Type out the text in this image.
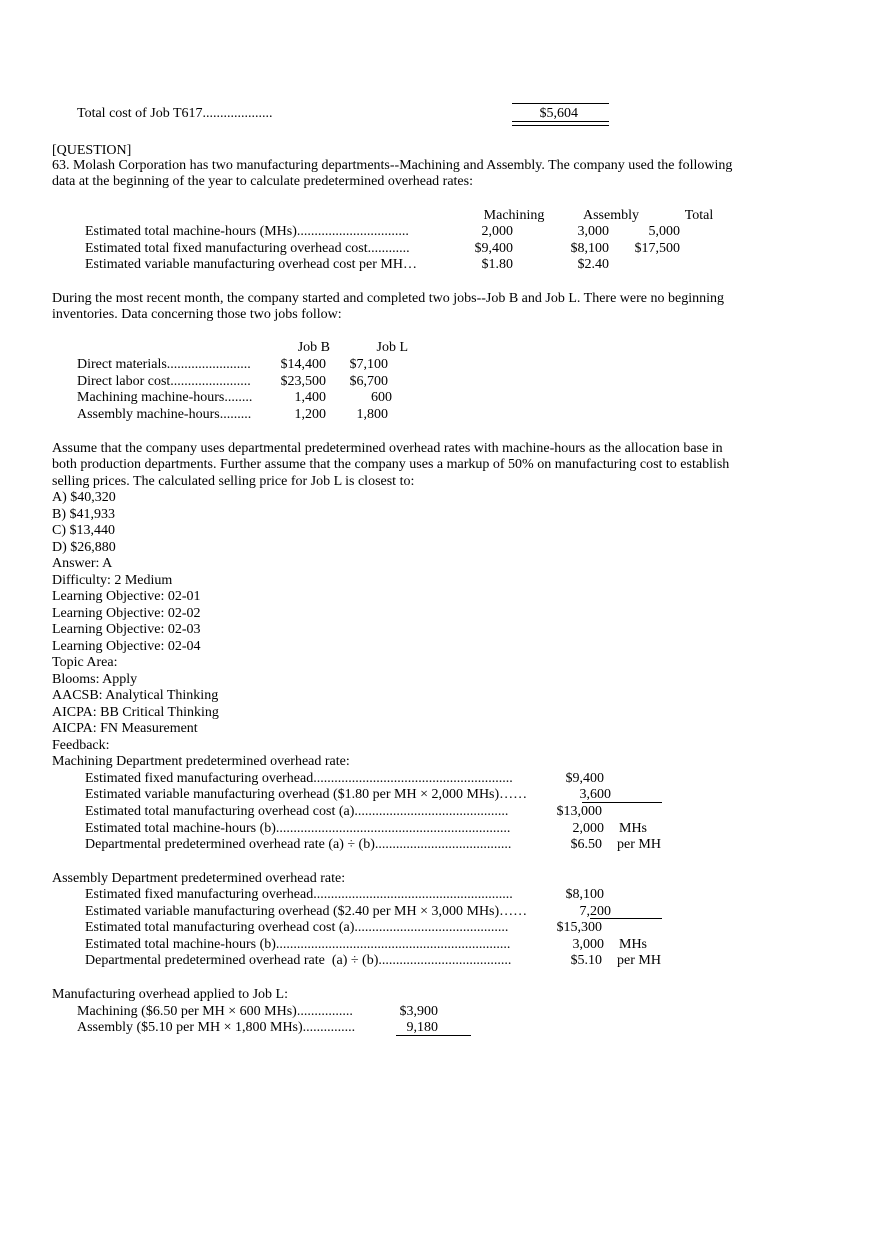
Total cost of Job T617....................	$5,604
[QUESTION]
63. Molash Corporation has two manufacturing departments--Machining and Assembly. The company used the following
data at the beginning of the year to calculate predetermined overhead rates:
Machining	Assembly	Total
Estimated total machine-hours (MHs)................................	2,000	3,000	5,000
Estimated total fixed manufacturing overhead cost............	$9,400	$8,100	$17,500
Estimated variable manufacturing overhead cost per MH…	$1.80	$2.40
During the most recent month, the company started and completed two jobs--Job B and Job L. There were no beginning
inventories. Data concerning those two jobs follow:
Job B	Job L
Direct materials........................	$14,400	$7,100
Direct labor cost.......................	$23,500	$6,700
Machining machine-hours........	1,400	600
Assembly machine-hours.........	1,200	1,800
Assume that the company uses departmental predetermined overhead rates with machine-hours as the allocation base in
both production departments. Further assume that the company uses a markup of 50% on manufacturing cost to establish
selling prices. The calculated selling price for Job L is closest to:
A) $40,320
B) $41,933
C) $13,440
D) $26,880
Answer: A
Difficulty: 2 Medium
Learning Objective: 02-01
Learning Objective: 02-02
Learning Objective: 02-03
Learning Objective: 02-04
Topic Area:
Blooms: Apply
AACSB: Analytical Thinking
AICPA: BB Critical Thinking
AICPA: FN Measurement
Feedback:
Machining Department predetermined overhead rate:
Estimated fixed manufacturing overhead.........................................................	$9,400
Estimated variable manufacturing overhead ($1.80 per MH × 2,000 MHs)……	3,600
Estimated total manufacturing overhead cost (a)............................................	$13,000
Estimated total machine-hours (b)...................................................................	2,000 MHs
Departmental predetermined overhead rate (a) ÷ (b).......................................	$6.50 per MH
Assembly Department predetermined overhead rate:
Estimated fixed manufacturing overhead.........................................................	$8,100
Estimated variable manufacturing overhead ($2.40 per MH × 3,000 MHs)……	7,200
Estimated total manufacturing overhead cost (a)............................................	$15,300
Estimated total machine-hours (b)...................................................................	3,000 MHs
Departmental predetermined overhead rate  (a) ÷ (b)......................................	$5.10 per MH
Manufacturing overhead applied to Job L:
Machining ($6.50 per MH × 600 MHs)................	$3,900
Assembly ($5.10 per MH × 1,800 MHs)...............	9,180
